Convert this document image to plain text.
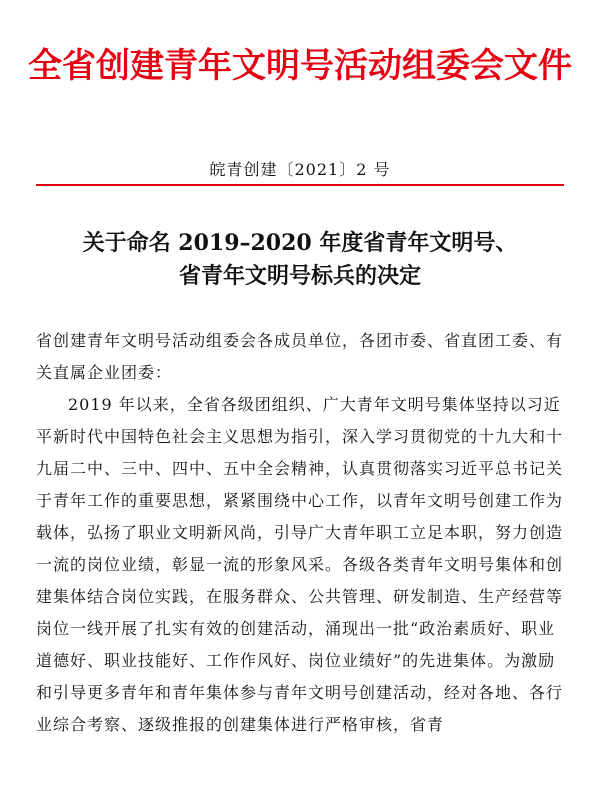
全省创建青年文明号活动组委会文件
皖青创建〔2021〕2 号
关于命名 2019–2020 年度省青年文明号、
省青年文明号标兵的决定

省创建青年文明号活动组委会各成员单位，各团市委、省直团工委、有关直属企业团委：

2019 年以来，全省各级团组织、广大青年文明号集体坚持以习近平新时代中国特色社会主义思想为指引，深入学习贯彻党的十九大和十九届二中、三中、四中、五中全会精神，认真贯彻落实习近平总书记关于青年工作的重要思想，紧紧围绕中心工作，以青年文明号创建工作为载体，弘扬了职业文明新风尚，引导广大青年职工立足本职，努力创造一流的岗位业绩，彰显一流的形象风采。各级各类青年文明号集体和创建集体结合岗位实践，在服务群众、公共管理、研发制造、生产经营等岗位一线开展了扎实有效的创建活动，涌现出一批“政治素质好、职业道德好、职业技能好、工作作风好、岗位业绩好”的先进集体。为激励和引导更多青年和青年集体参与青年文明号创建活动，经对各地、各行业综合考察、逐级推报的创建集体进行严格审核，省青
